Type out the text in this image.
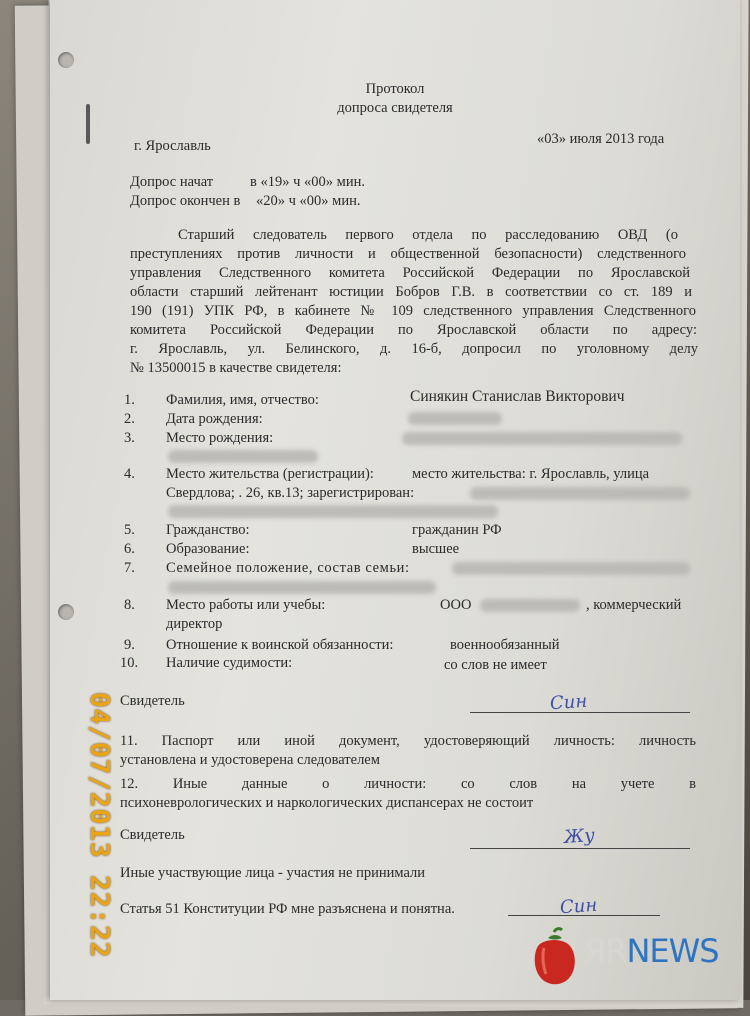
Протокол
допроса свидетеля
г. Ярославль	«03» июля 2013 года
Допрос начат	в «19» ч «00» мин.
Допрос окончен в «20» ч «00» мин.
Старший следователь первого отдела по расследованию ОВД (о
преступлениях против личности и общественной безопасности) следственного
управления Следственного комитета Российской Федерации по Ярославской
области старший лейтенант юстиции Бобров Г.В. в соответствии со ст. 189 и
190 (191) УПК РФ, в кабинете № 109 следственного управления Следственного
комитета Российской Федерации по Ярославской области по адресу:
г. Ярославль, ул. Белинского, д. 16-б, допросил по уголовному делу
№ 13500015 в качестве свидетеля:
1. Фамилия, имя, отчество:	Синякин Станислав Викторович
2. Дата рождения:
3. Место рождения:
4. Место жительства (регистрации):	место жительства: г. Ярославль, улица
Свердлова; . 26, кв.13; зарегистрирован:
5. Гражданство:	гражданин РФ
6. Образование:	высшее
7. Семейное положение, состав семьи:
8. Место работы или учебы:	ООО	, коммерческий
директор
9. Отношение к воинской обязанности:	военнообязанный
10. Наличие судимости:	со слов не имеет
Свидетель	Син
11. Паспорт или иной документ, удостоверяющий личность: личность
установлена и удостоверена следователем
12. Иные данные о личности: со слов на учете в
психоневрологических и наркологических диспансерах не состоит
Свидетель	Жу
Иные участвующие лица - участия не принимали
Статья 51 Конституции РФ мне разъяснена и понятна.	Син
04/07/2013 22:22	ЯRNEWS
